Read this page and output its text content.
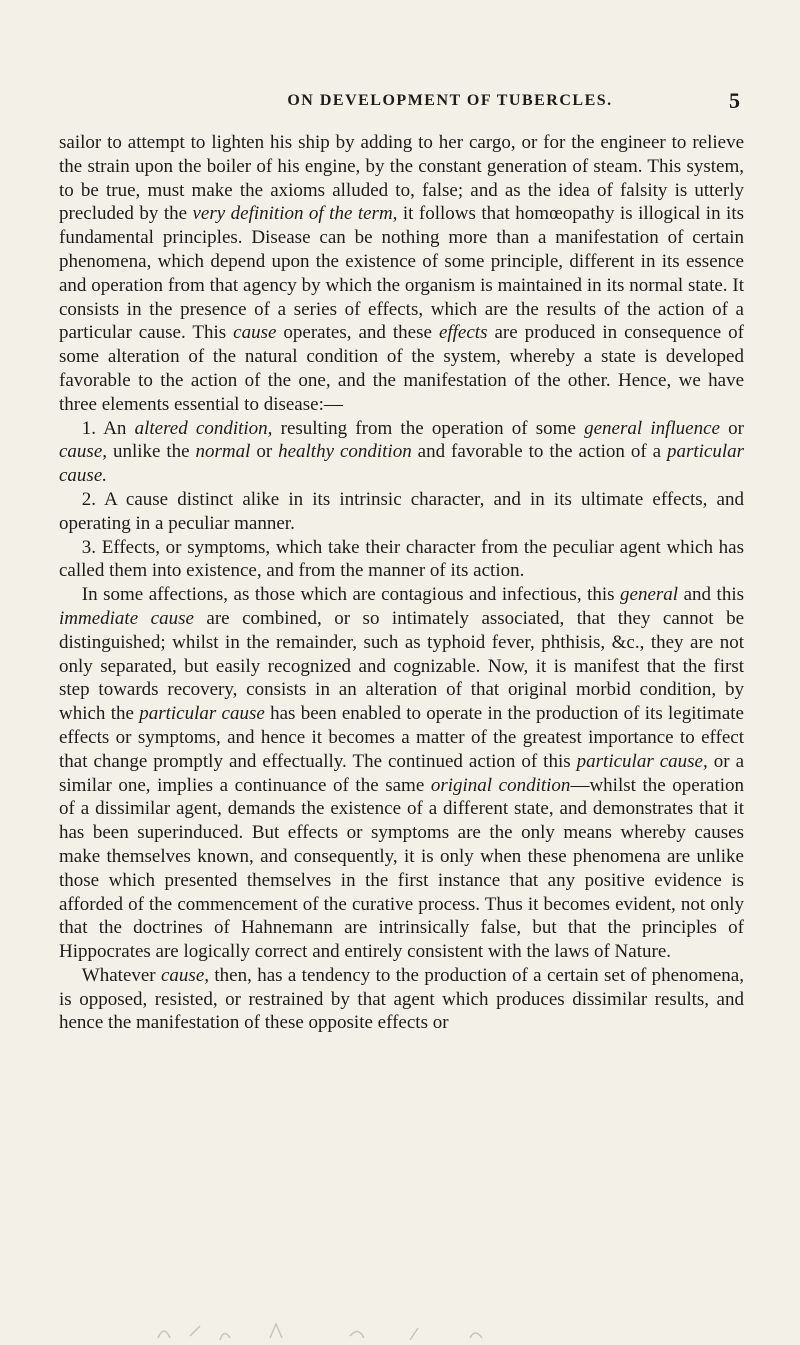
ON DEVELOPMENT OF TUBERCLES.	5

sailor to attempt to lighten his ship by adding to her cargo, or for the engineer to relieve the strain upon the boiler of his engine, by the constant generation of steam. This system, to be true, must make the axioms alluded to, false; and as the idea of falsity is utterly precluded by the very definition of the term, it follows that homœopathy is illogical in its fundamental principles. Disease can be nothing more than a manifestation of certain phenomena, which depend upon the existence of some principle, different in its essence and operation from that agency by which the organism is maintained in its normal state. It consists in the presence of a series of effects, which are the results of the action of a particular cause. This cause operates, and these effects are produced in consequence of some alteration of the natural condition of the system, whereby a state is developed favorable to the action of the one, and the manifestation of the other. Hence, we have three elements essential to disease:—

1. An altered condition, resulting from the operation of some general influence or cause, unlike the normal or healthy condition and favorable to the action of a particular cause.

2. A cause distinct alike in its intrinsic character, and in its ultimate effects, and operating in a peculiar manner.

3. Effects, or symptoms, which take their character from the peculiar agent which has called them into existence, and from the manner of its action.

In some affections, as those which are contagious and infectious, this general and this immediate cause are combined, or so intimately associated, that they cannot be distinguished; whilst in the remainder, such as typhoid fever, phthisis, &c., they are not only separated, but easily recognized and cognizable. Now, it is manifest that the first step towards recovery, consists in an alteration of that original morbid condition, by which the particular cause has been enabled to operate in the production of its legitimate effects or symptoms, and hence it becomes a matter of the greatest importance to effect that change promptly and effectually. The continued action of this particular cause, or a similar one, implies a continuance of the same original condition—whilst the operation of a dissimilar agent, demands the existence of a different state, and demonstrates that it has been superinduced. But effects or symptoms are the only means whereby causes make themselves known, and consequently, it is only when these phenomena are unlike those which presented themselves in the first instance that any positive evidence is afforded of the commencement of the curative process. Thus it becomes evident, not only that the doctrines of Hahnemann are intrinsically false, but that the principles of Hippocrates are logically correct and entirely consistent with the laws of Nature.

Whatever cause, then, has a tendency to the production of a certain set of phenomena, is opposed, resisted, or restrained by that agent which produces dissimilar results, and hence the manifestation of these opposite effects or
